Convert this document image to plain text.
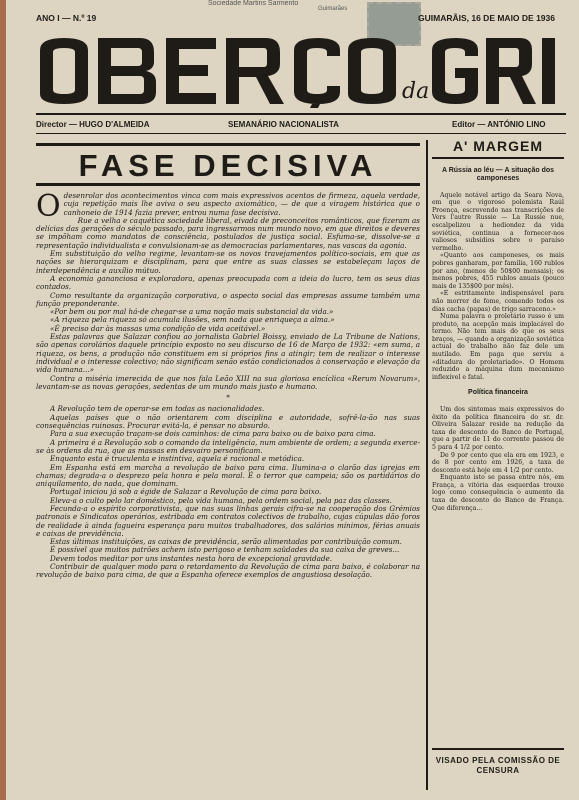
Sociedade Martins Sarmento
Guimarães
ANO I — N.º 19	GUIMARÃIS, 16 DE MAIO DE 1936
da
Director — HUGO D'ALMEIDA	SEMANÁRIO NACIONALISTA	Editor — ANTÓNIO LINO
FASE DECISIVA

Odesenrolar dos acontecimentos vinca com mais expressivos acentos de firmeza, aquela verdade, cuja repetição mais lhe aviva o seu aspecto axiomático, — de que a viragem histórica que o canhoneio de 1914 fazia prever, entrou numa fase decisiva.

Rue a velha e caquética sociedade liberal, eivada de preconceitos românticos, que fizeram as delícias das gerações do século passado, para ingressarmos num mundo novo, em que direitos e deveres se impõham como mandatos de consciência, postulados de justiça social. Esfuma-se, dissolve-se a representação individualista e convulsionam-se as democracias parlamentares, nas vascas da agonia.

Em substituição do velho regime, levantam-se os novos travejamentos político-sociais, em que as nações se hierarquizam e disciplinam, para que entre as suas classes se estabeleçam laços de interdependência e auxílio mútuo.

A economia gananciosa e exploradora, apenas preocupada com a ideia do lucro, tem os seus dias contados.

Como resultante da organização corporativa, o aspecto social das empresas assume também uma função preponderante.

«Por bem ou por mal há-de chegar-se a uma noção mais substancial da vida.»

«A riqueza pela riqueza só acumula ilusões, sem nada que enriqueça a alma.»

«É preciso dar às massas uma condição de vida aceitável.»

Estas palavras que Salazar confiou ao jornalista Gabriel Boissy, enviado de La Tribune de Nations, são apenas corolários daquele princípio exposto no seu discurso de 16 de Março de 1932: «em suma, a riqueza, os bens, a produção não constituem em si próprios fins a atingir; tem de realizar o interesse individual e o interesse colectivo; não significam senão estão condicionados à conservação e elevação da vida humana...»

Contra a miséria imerecida de que nos fala Leão XIII na sua gloriosa encíclica «Rerum Novarum», levantam-se as novas gerações, sedentas de um mundo mais justo e humano.

*

A Revolução tem de operar-se em todas as nacionalidades.

Aquelas países que o não orientarem com disciplina e autoridade, sofrê-la-ão nas suas consequências ruinosas. Procurar evitá-la, é pensar no absurdo.

Para a sua execução traçam-se dois caminhos: de cima para baixo ou de baixo para cima.

A primeira é a Revolução sob o comando da inteligência, num ambiente de ordem; a segunda exerce-se às ordens da rua, que as massas em desvairo personificam.

Enquanto esta é truculenta e instintiva, aquela é racional e metódica.

Em Espanha está em marcha a revolução de baixo para cima. Ilumina-a o clarão das igrejas em chamas; degrada-a o desprezo pela honra e pela moral. É o terror que campeia; são os partidários do aniquilamento, do nada, que dominam.

Portugal iniciou já sob a égide de Salazar a Revolução de cima para baixo.

Eleva-a o culto pelo lar doméstico, pela vida humana, pela ordem social, pela paz das classes.

Fecunda-a o espírito corporativista, que nas suas linhas gerais cifra-se na cooperação dos Grémios patronais e Sindicatos operários, estribada em contratos colectivos de trabalho, cujas cúpulas dão foros de realidade à ainda fagueira esperança para muitos trabalhadores, dos salários mínimos, férias anuais e caixas de previdência.

Estas últimas instituições, as caixas de previdência, serão alimentadas por contribuição comum.

É possível que muitos patrões achem isto perigoso e tenham saüdades da sua caixa de greves...

Devem todos meditar por uns instantes nesta hora de excepcional gravidade.

Contribuir de qualquer modo para o retardamento da Revolução de cima para baixo, é colaborar na revolução de baixo para cima, de que a Espanha oferece exemplos de angustiosa desolação.

A' MARGEM
A Rússia ao léu — A situação dos camponeses

Aquele notável artigo da Seara Nova, em que o vigoroso polemista Raúl Proença, escrevendo nas transcrições de Vers l'autre Russie — La Russie nue, escalpelizou a hediondez da vida soviética, continua a fornecer-nos valiosos subsídios sobre o paraíso vermelho.

«Quanto aos camponeses, os mais pobres ganharam, por família, 160 rublos por ano, (menos de 50$00 mensais); os menos pobres, 455 rublos anuais (pouco mais de 135$00 por mês).

«É estritamente indispensável para não morrer de fome, comendo todos os dias cacha (papas) de trigo sarraceno.»

Numa palavra o proletário russo é um produto, na acepção mais implacável do termo. Não tem mais do que os seus braços, — quando a organização soviética actual do trabalho não faz dele um mutilado. Em paga que serviu a «ditadura do proletariado». O Homem reduzido a máquina dum mecanismo inflexível e fatal.

Política financeira

Um dos sintomas mais expressivos do êxito da política financeira do sr. dr. Oliveira Salazar reside na redução da taxa de desconto do Banco de Portugal, que a partir de 11 do corrente passou de 5 para 4 1/2 por cento.

De 9 por cento que ela era em 1923, e de 8 por cento em 1926, a taxa de desconto está hoje em 4 1/2 por cento.

Enquanto isto se passa entre nós, em França, a vitória das esquerdas trouxe logo como consequência o aumento da taxa de desconto do Banco de França. Que diferença...

VISADO PELA COMISSÃO DE CENSURA
